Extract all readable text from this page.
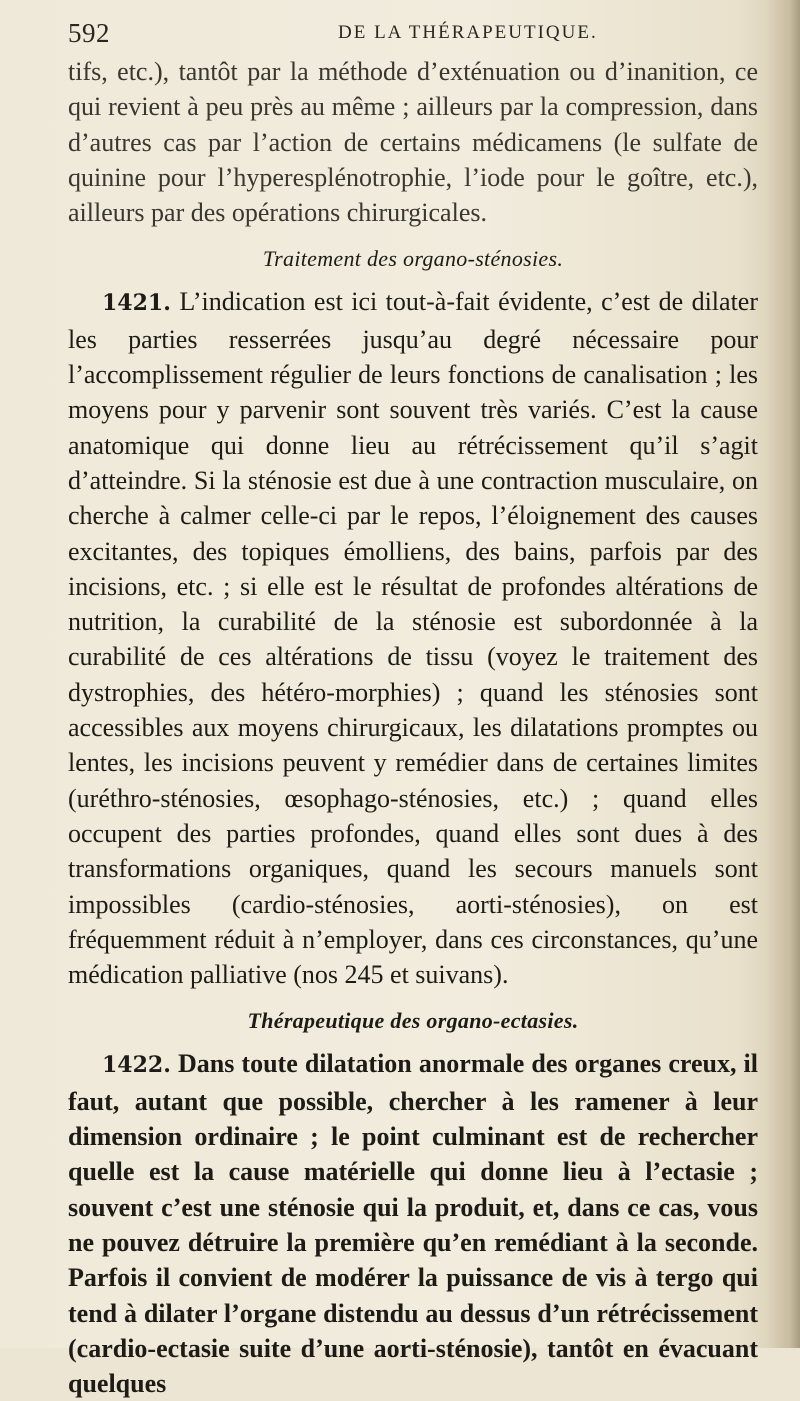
592	DE LA THÉRAPEUTIQUE.

tifs, etc.), tantôt par la méthode d’exténuation ou d’inanition, ce qui revient à peu près au même ; ailleurs par la compression, dans d’autres cas par l’action de certains médicamens (le sulfate de quinine pour l’hyperesplénotrophie, l’iode pour le goître, etc.), ailleurs par des opérations chirurgicales.

Traitement des organo-sténosies.

1421. L’indication est ici tout-à-fait évidente, c’est de dilater les parties resserrées jusqu’au degré nécessaire pour l’accomplissement régulier de leurs fonctions de canalisation ; les moyens pour y parvenir sont souvent très variés. C’est la cause anatomique qui donne lieu au rétrécissement qu’il s’agit d’atteindre. Si la sténosie est due à une contraction musculaire, on cherche à calmer celle-ci par le repos, l’éloignement des causes excitantes, des topiques émolliens, des bains, parfois par des incisions, etc. ; si elle est le résultat de profondes altérations de nutrition, la curabilité de la sténosie est subordonnée à la curabilité de ces altérations de tissu (voyez le traitement des dystrophies, des hétéro-morphies) ; quand les sténosies sont accessibles aux moyens chirurgicaux, les dilatations promptes ou lentes, les incisions peuvent y remédier dans de certaines limites (uréthro-sténosies, œsophago-sténosies, etc.) ; quand elles occupent des parties profondes, quand elles sont dues à des transformations organiques, quand les secours manuels sont impossibles (cardio-sténosies, aorti-sténosies), on est fréquemment réduit à n’employer, dans ces circonstances, qu’une médication palliative (nos 245 et suivans).

Thérapeutique des organo-ectasies.

1422. Dans toute dilatation anormale des organes creux, il faut, autant que possible, chercher à les ramener à leur dimension ordinaire ; le point culminant est de rechercher quelle est la cause matérielle qui donne lieu à l’ectasie ; souvent c’est une sténosie qui la produit, et, dans ce cas, vous ne pouvez détruire la première qu’en remédiant à la seconde. Parfois il convient de modérer la puissance de vis à tergo qui tend à dilater l’organe distendu au dessus d’un rétrécissement (cardio-ectasie suite d’une aorti-sténosie), tantôt en évacuant quelques
